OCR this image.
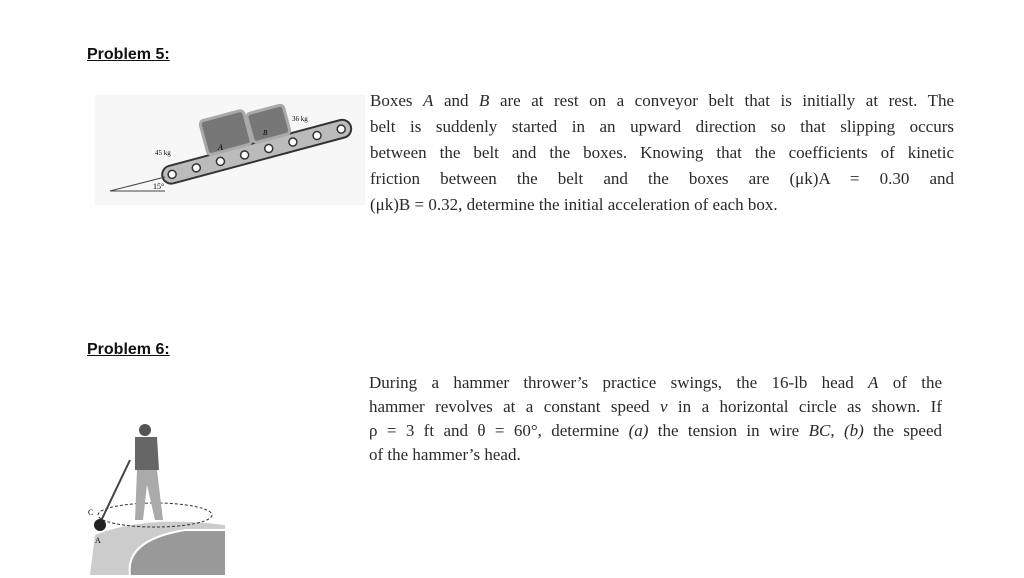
Problem 5:
15°
45 kg
36 kg
A
B
Boxes A and B are at rest on a conveyor belt that is initially at rest. The
belt is suddenly started in an upward direction so that slipping occurs
between the belt and the boxes. Knowing that the coefficients of kinetic
friction between the belt and the boxes are (μk)A = 0.30 and
(μk)B = 0.32, determine the initial acceleration of each box.
Problem 6:
C
A
During a hammer thrower’s practice swings, the 16-lb head A of the
hammer revolves at a constant speed v in a horizontal circle as shown. If
ρ = 3 ft and θ = 60°, determine (a) the tension in wire BC, (b) the speed
of the hammer’s head.
